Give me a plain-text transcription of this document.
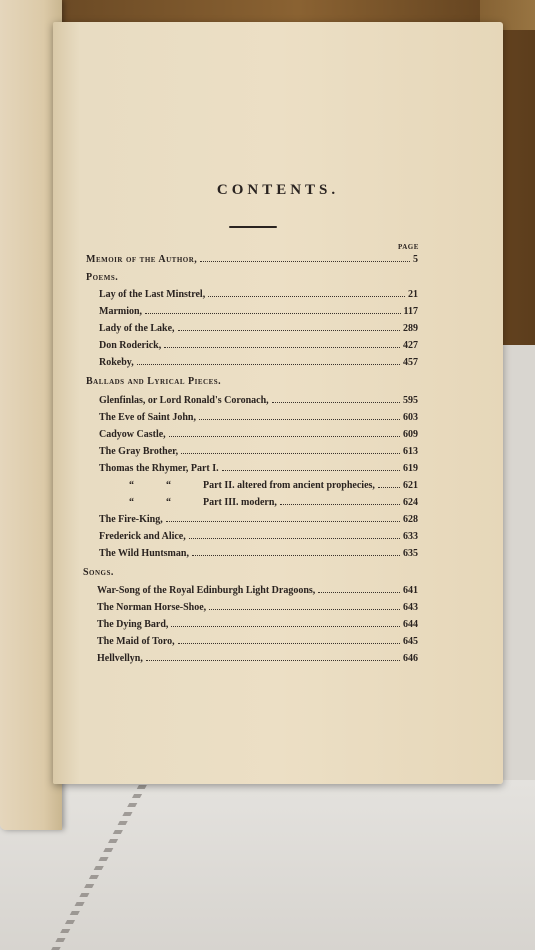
CONTENTS.
PAGE
Memoir of the Author,	5
Poems.
Lay of the Last Minstrel,	21
Marmion,	117
Lady of the Lake,	289
Don Roderick,	427
Rokeby,	457
Ballads and Lyrical Pieces.
Glenfinlas, or Lord Ronald's Coronach,	595
The Eve of Saint John,	603
Cadyow Castle,	609
The Gray Brother,	613
Thomas the Rhymer, Part I.	619
“	“	Part II. altered from ancient prophecies,	621
“	“	Part III. modern,	624
The Fire-King,	628
Frederick and Alice,	633
The Wild Huntsman,	635
Songs.
War-Song of the Royal Edinburgh Light Dragoons,	641
The Norman Horse-Shoe,	643
The Dying Bard,	644
The Maid of Toro,	645
Hellvellyn,	646
